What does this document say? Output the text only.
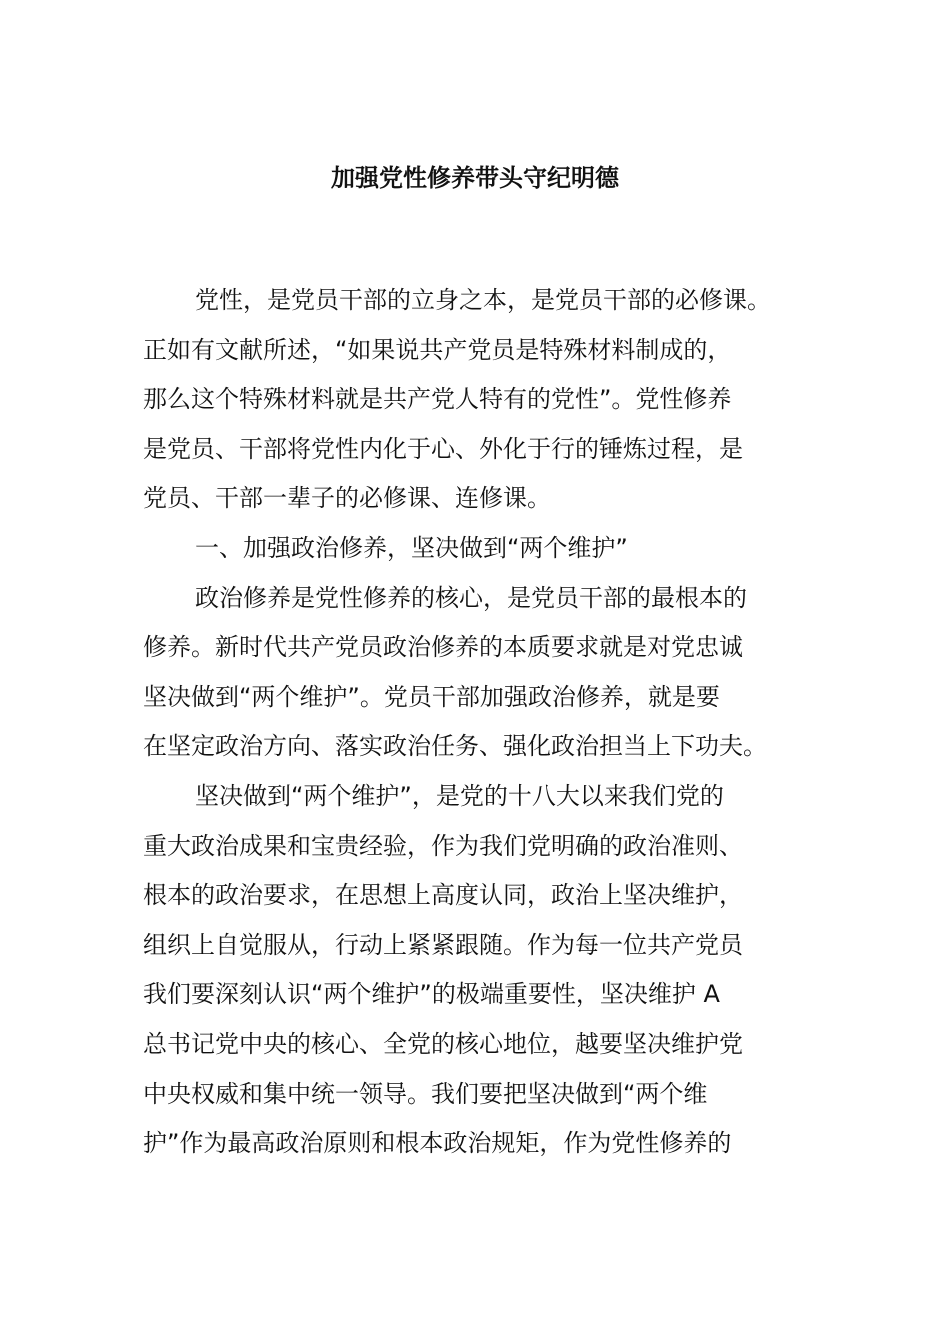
加强党性修养带头守纪明德
党性，是党员干部的立身之本，是党员干部的必修课。
正如有文献所述，“如果说共产党员是特殊材料制成的，
那么这个特殊材料就是共产党人特有的党性”。党性修养
是党员、干部将党性内化于心、外化于行的锤炼过程，是
党员、干部一辈子的必修课、连修课。
一、加强政治修养，坚决做到“两个维护”
政治修养是党性修养的核心，是党员干部的最根本的
修养。新时代共产党员政治修养的本质要求就是对党忠诚
坚决做到“两个维护”。党员干部加强政治修养，就是要
在坚定政治方向、落实政治任务、强化政治担当上下功夫。
坚决做到“两个维护”，是党的十八大以来我们党的
重大政治成果和宝贵经验，作为我们党明确的政治准则、
根本的政治要求，在思想上高度认同，政治上坚决维护，
组织上自觉服从，行动上紧紧跟随。作为每一位共产党员
我们要深刻认识“两个维护”的极端重要性，坚决维护 A
总书记党中央的核心、全党的核心地位，越要坚决维护党
中央权威和集中统一领导。我们要把坚决做到“两个维
护”作为最高政治原则和根本政治规矩，作为党性修养的
